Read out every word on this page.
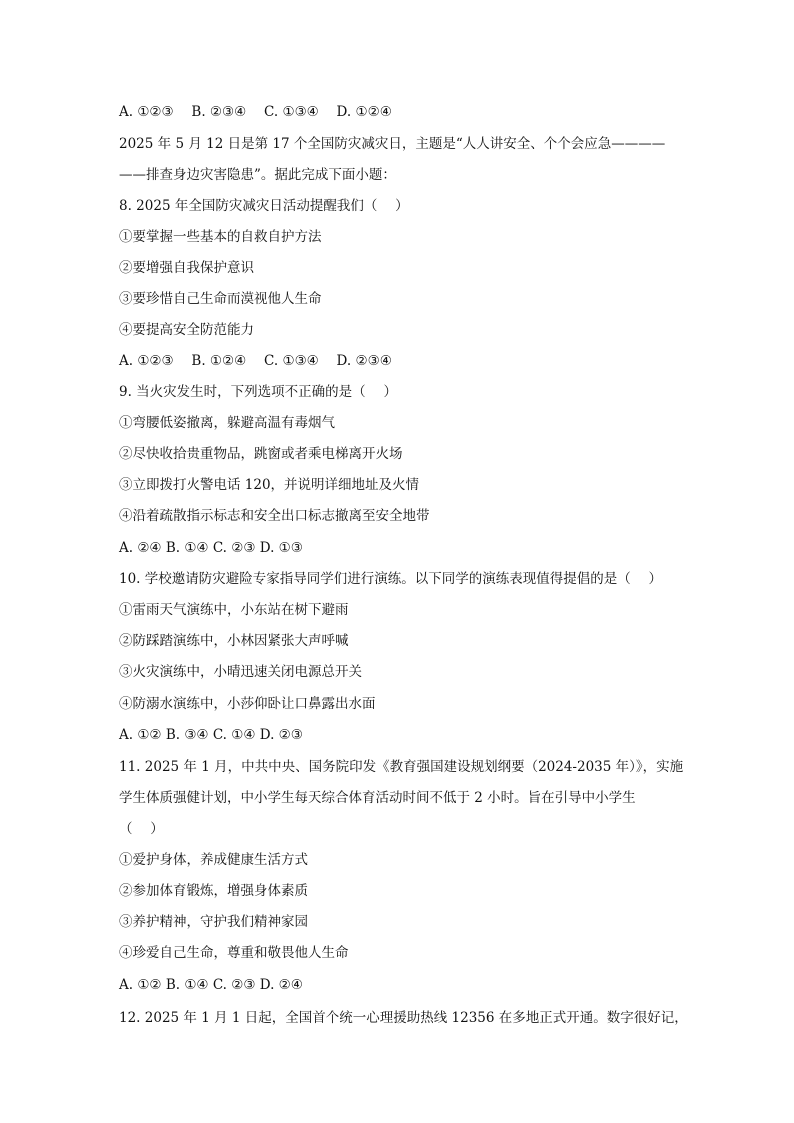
A. ①②③　 B. ②③④　 C. ①③④　 D. ①②④
2025 年 5 月 12 日是第 17 个全国防灾减灾日，主题是“人人讲安全、个个会应急————
——排查身边灾害隐患”。据此完成下面小题：
8. 2025 年全国防灾减灾日活动提醒我们（　 ）
①要掌握一些基本的自救自护方法
②要增强自我保护意识
③要珍惜自己生命而漠视他人生命
④要提高安全防范能力
A. ①②③　 B. ①②④　 C. ①③④　 D. ②③④
9. 当火灾发生时，下列选项不正确的是（　 ）
①弯腰低姿撤离，躲避高温有毒烟气
②尽快收拾贵重物品，跳窗或者乘电梯离开火场
③立即拨打火警电话 120，并说明详细地址及火情
④沿着疏散指示标志和安全出口标志撤离至安全地带
A. ②④ B. ①④ C. ②③ D. ①③
10. 学校邀请防灾避险专家指导同学们进行演练。以下同学的演练表现值得提倡的是（　 ）
①雷雨天气演练中，小东站在树下避雨
②防踩踏演练中，小林因紧张大声呼喊
③火灾演练中，小晴迅速关闭电源总开关
④防溺水演练中，小莎仰卧让口鼻露出水面
A. ①② B. ③④ C. ①④ D. ②③
11. 2025 年 1 月，中共中央、国务院印发《教育强国建设规划纲要（2024-2035 年）》，实施
学生体质强健计划，中小学生每天综合体育活动时间不低于 2 小时。旨在引导中小学生
（　 ）
①爱护身体，养成健康生活方式
②参加体育锻炼，增强身体素质
③养护精神，守护我们精神家园
④珍爱自己生命，尊重和敬畏他人生命
A. ①② B. ①④ C. ②③ D. ②④
12. 2025 年 1 月 1 日起，全国首个统一心理援助热线 12356 在多地正式开通。数字很好记，
